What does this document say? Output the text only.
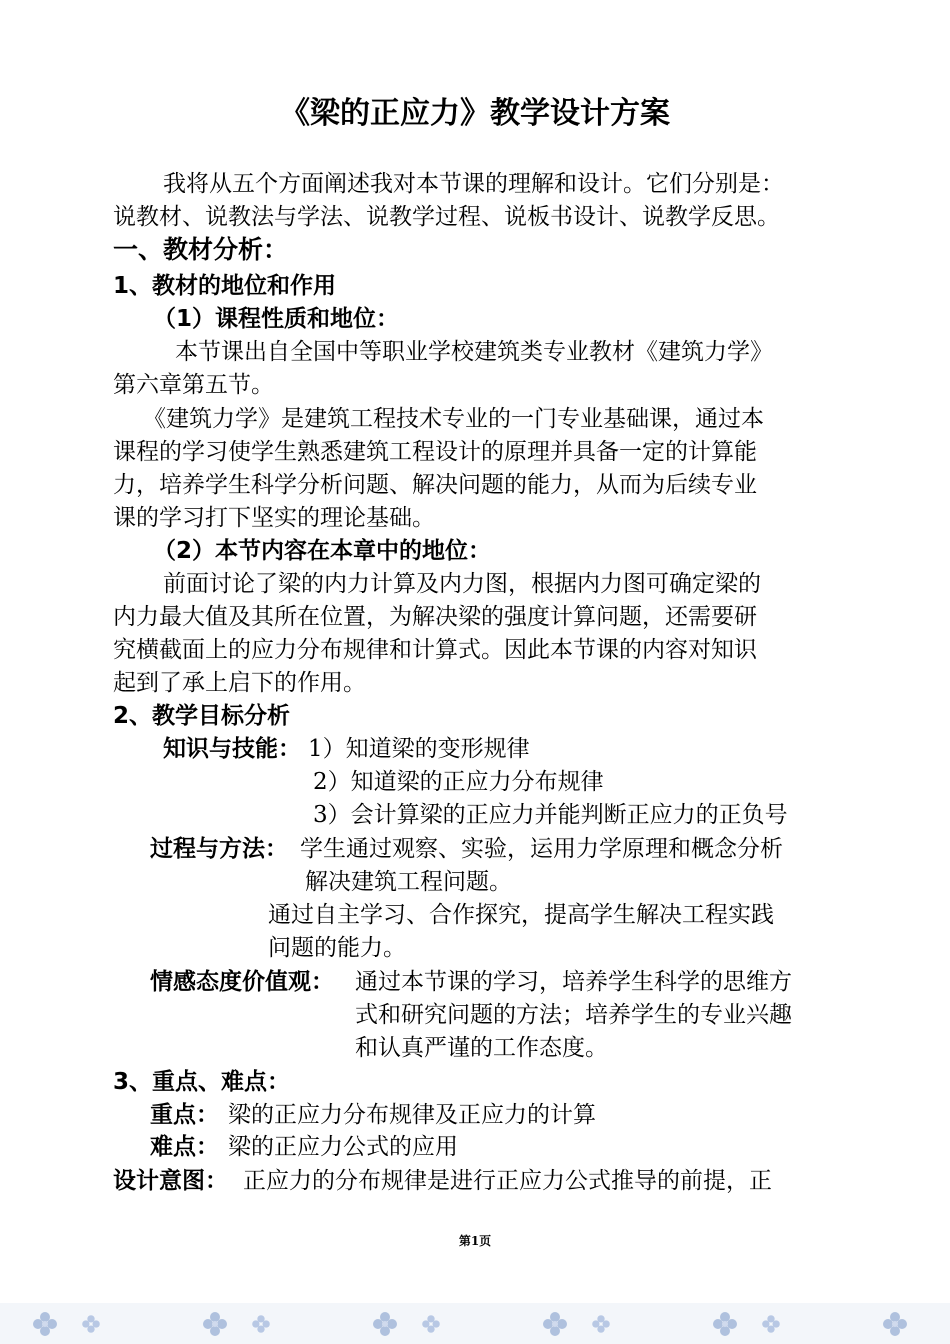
《梁的正应力》教学设计方案
我将从五个方面阐述我对本节课的理解和设计。它们分别是：
说教材、说教法与学法、说教学过程、说板书设计、说教学反思。
一、教材分析：
1、教材的地位和作用
（1）课程性质和地位：
本节课出自全国中等职业学校建筑类专业教材《建筑力学》
第六章第五节。
《建筑力学》是建筑工程技术专业的一门专业基础课，通过本
课程的学习使学生熟悉建筑工程设计的原理并具备一定的计算能
力，培养学生科学分析问题、解决问题的能力，从而为后续专业
课的学习打下坚实的理论基础。
（2）本节内容在本章中的地位：
前面讨论了梁的内力计算及内力图，根据内力图可确定梁的
内力最大值及其所在位置，为解决梁的强度计算问题，还需要研
究横截面上的应力分布规律和计算式。因此本节课的内容对知识
起到了承上启下的作用。
2、教学目标分析
知识与技能： 1）知道梁的变形规律
2）知道梁的正应力分布规律
3）会计算梁的正应力并能判断正应力的正负号
过程与方法： 学生通过观察、实验，运用力学原理和概念分析
解决建筑工程问题。
通过自主学习、合作探究，提高学生解决工程实践
问题的能力。
情感态度价值观： 通过本节课的学习，培养学生科学的思维方
式和研究问题的方法；培养学生的专业兴趣
和认真严谨的工作态度。
3、重点、难点：
重点： 梁的正应力分布规律及正应力的计算
难点： 梁的正应力公式的应用
设计意图： 正应力的分布规律是进行正应力公式推导的前提，正
第1页
